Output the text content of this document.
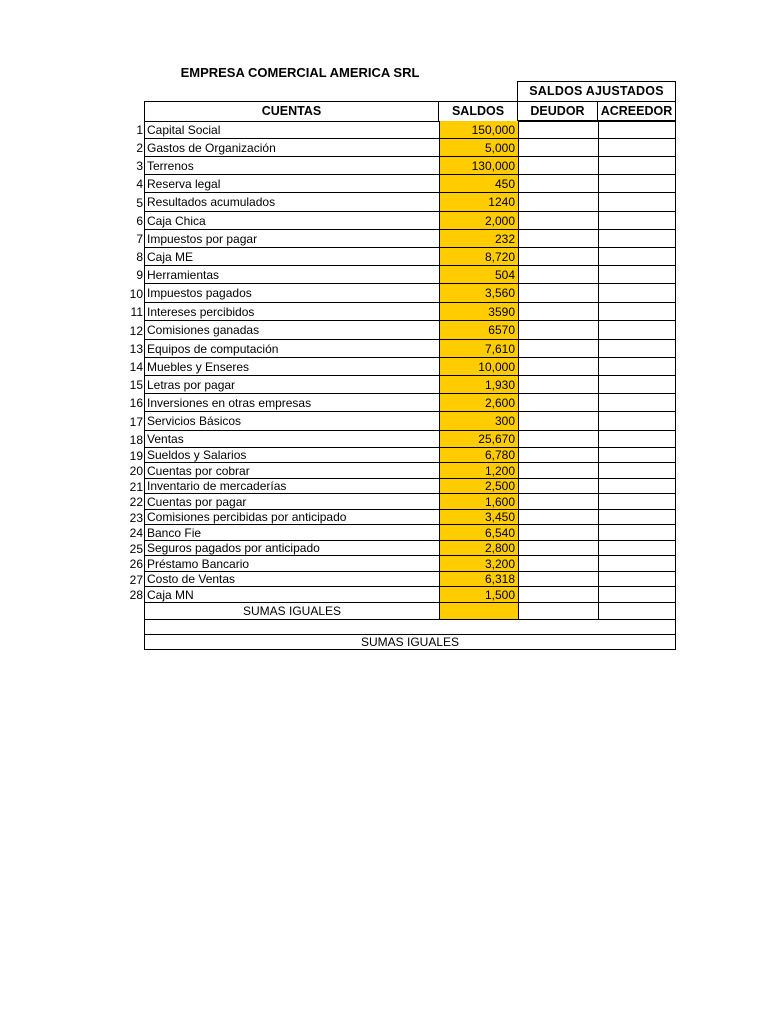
EMPRESA COMERCIAL AMERICA SRL
SALDOS AJUSTADOS
CUENTAS	SALDOS	DEUDOR	ACREEDOR
1 Capital Social	150,000
2 Gastos de Organización	5,000
3 Terrenos	130,000
4 Reserva legal	450
5 Resultados acumulados	1240
6 Caja Chica	2,000
7 Impuestos por pagar	232
8 Caja ME	8,720
9 Herramientas	504
10 Impuestos pagados	3,560
11 Intereses percibidos	3590
12 Comisiones ganadas	6570
13 Equipos de computación	7,610
14 Muebles y Enseres	10,000
15 Letras por pagar	1,930
16 Inversiones en otras empresas	2,600
17 Servicios Básicos	300
18 Ventas	25,670
19 Sueldos y Salarios	6,780
20 Cuentas por cobrar	1,200
21 Inventario de mercaderías	2,500
22 Cuentas por pagar	1,600
23 Comisiones percibidas por anticipado	3,450
24 Banco Fie	6,540
25 Seguros pagados por anticipado	2,800
26 Préstamo Bancario	3,200
27 Costo de Ventas	6,318
28 Caja MN	1,500
SUMAS IGUALES
SUMAS IGUALES
